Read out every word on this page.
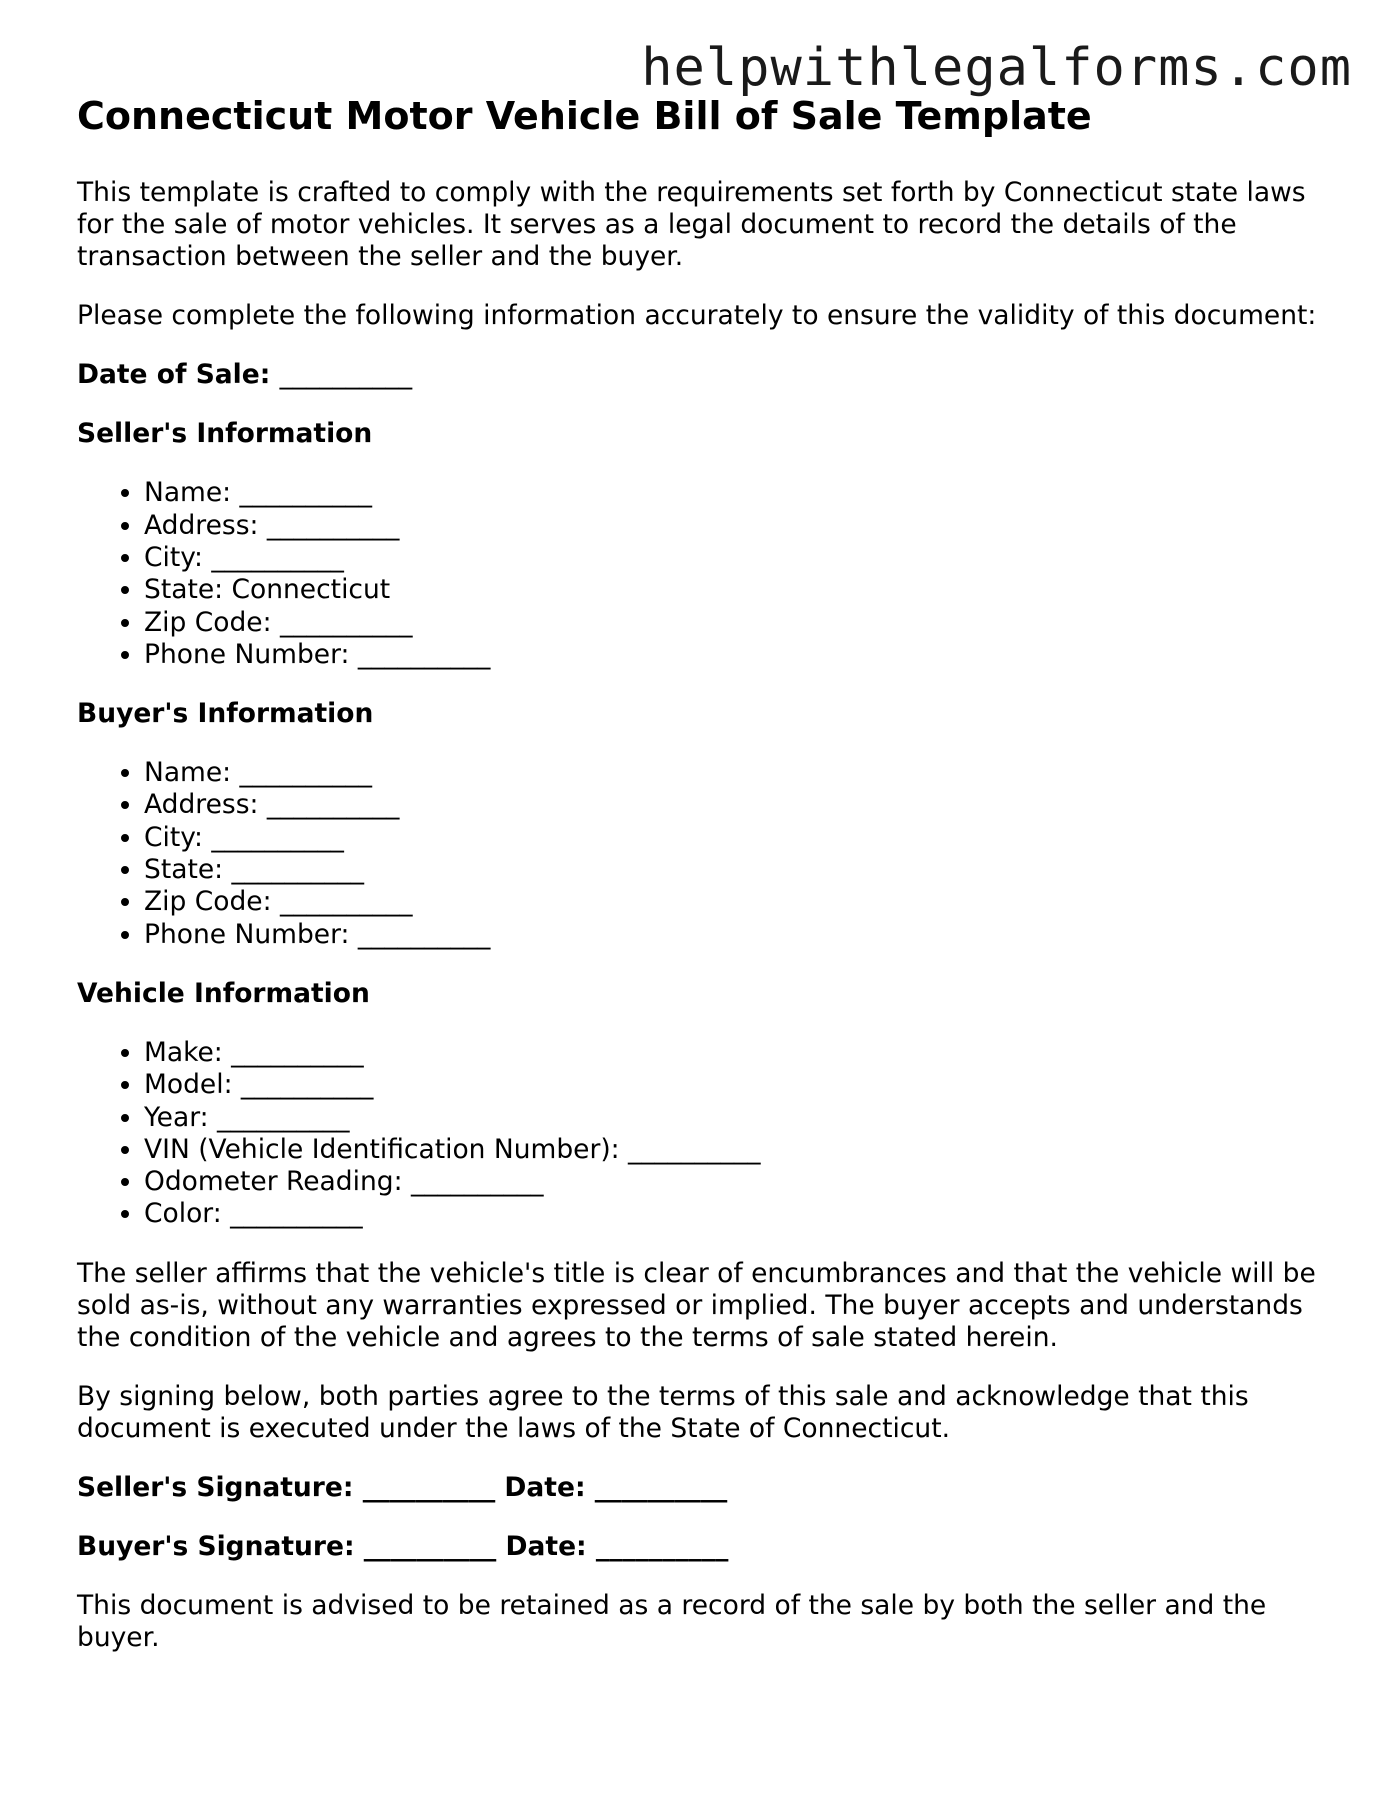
helpwithlegalforms.com
Connecticut Motor Vehicle Bill of Sale Template

This template is crafted to comply with the requirements set forth by Connecticut state laws for the sale of motor vehicles. It serves as a legal document to record the details of the transaction between the seller and the buyer.

Please complete the following information accurately to ensure the validity of this document:

Date of Sale: __________
Seller's Information
• Name: __________
• Address: __________
• City: __________
• State: Connecticut
• Zip Code: __________
• Phone Number: __________
Buyer's Information
• Name: __________
• Address: __________
• City: __________
• State: __________
• Zip Code: __________
• Phone Number: __________
Vehicle Information
• Make: __________
• Model: __________
• Year: __________
• VIN (Vehicle Identification Number): __________
• Odometer Reading: __________
• Color: __________

The seller affirms that the vehicle's title is clear of encumbrances and that the vehicle will be sold as-is, without any warranties expressed or implied. The buyer accepts and understands the condition of the vehicle and agrees to the terms of sale stated herein.

By signing below, both parties agree to the terms of this sale and acknowledge that this document is executed under the laws of the State of Connecticut.

Seller's Signature: __________ Date: __________
Buyer's Signature: __________ Date: __________

This document is advised to be retained as a record of the sale by both the seller and the buyer.
